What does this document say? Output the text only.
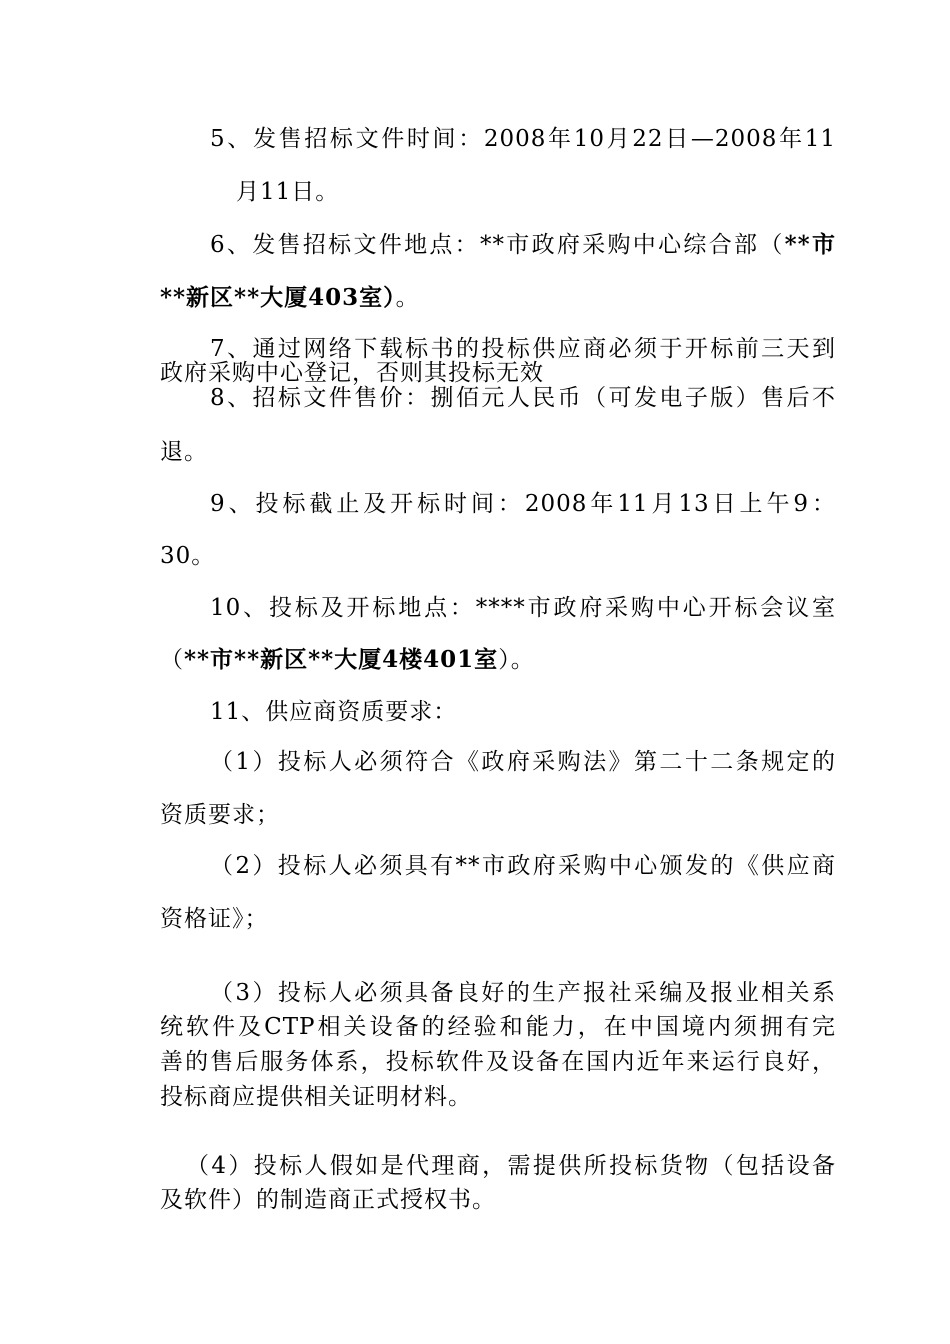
5、发售招标文件时间：2008年10月22日—2008年11
月11日。
6、发售招标文件地点：**市政府采购中心综合部（**市
**新区**大厦403室）。
7、通过网络下载标书的投标供应商必须于开标前三天到
政府采购中心登记，否则其投标无效
8、招标文件售价：捌佰元人民币（可发电子版）售后不
退。
9、投标截止及开标时间：2008年11月13日上午9：
30。
10、投标及开标地点：****市政府采购中心开标会议室
（**市**新区**大厦4楼401室）。
11、供应商资质要求：
（1）投标人必须符合《政府采购法》第二十二条规定的
资质要求；
（2）投标人必须具有**市政府采购中心颁发的《供应商
资格证》；
（3）投标人必须具备良好的生产报社采编及报业相关系
统软件及CTP相关设备的经验和能力，在中国境内须拥有完
善的售后服务体系，投标软件及设备在国内近年来运行良好，
投标商应提供相关证明材料。
（4）投标人假如是代理商，需提供所投标货物（包括设备
及软件）的制造商正式授权书。
